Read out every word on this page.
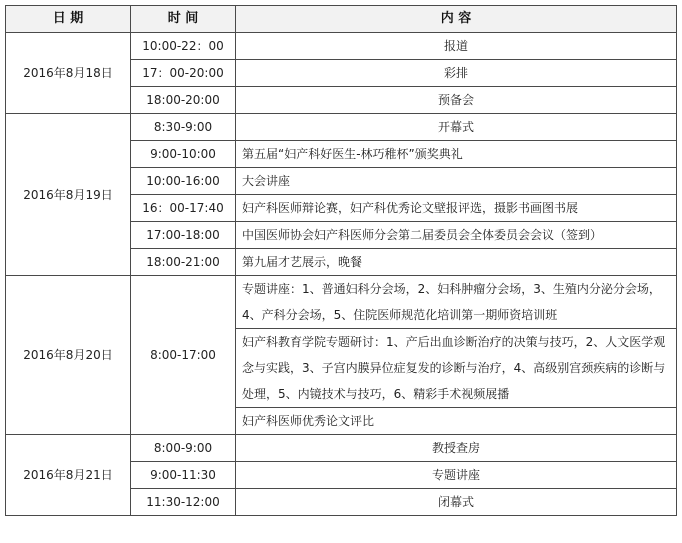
日 期	时 间	内 容
2016年8月18日	10:00-22：00	报道
	17：00-20:00	彩排
	18:00-20:00	预备会
2016年8月19日	8:30-9:00	开幕式
	9:00-10:00	第五届“妇产科好医生-林巧稚杯”颁奖典礼
	10:00-16:00	大会讲座
	16：00-17:40	妇产科医师辩论赛，妇产科优秀论文壁报评选，摄影书画图书展
	17:00-18:00	中国医师协会妇产科医师分会第二届委员会全体委员会会议（签到）
	18:00-21:00	第九届才艺展示，晚餐
2016年8月20日	8:00-17:00	专题讲座：1、普通妇科分会场，2、妇科肿瘤分会场，3、生殖内分泌分会场，4、产科分会场，5、住院医师规范化培训第一期师资培训班
		妇产科教育学院专题研讨：1、产后出血诊断治疗的决策与技巧，2、人文医学观念与实践，3、子宫内膜异位症复发的诊断与治疗，4、高级别宫颈疾病的诊断与处理，5、内镜技术与技巧，6、精彩手术视频展播
		妇产科医师优秀论文评比
2016年8月21日	8:00-9:00	教授查房
	9:00-11:30	专题讲座
	11:30-12:00	闭幕式
